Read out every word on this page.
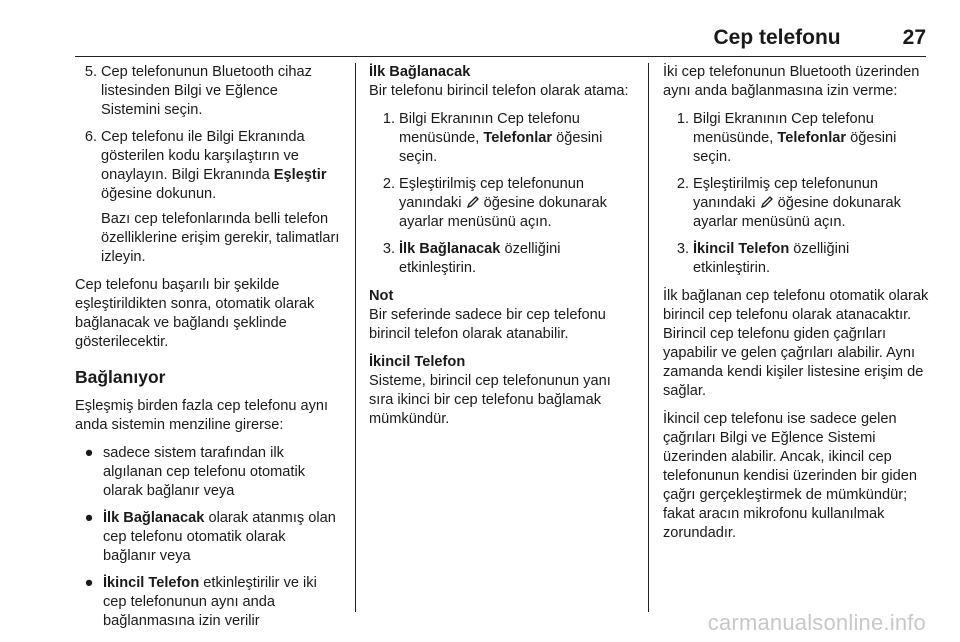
Cep telefonu	27
5. Cep telefonunun Bluetooth cihaz listesinden Bilgi ve Eğlence Sistemini seçin.
6. Cep telefonu ile Bilgi Ekranında gösterilen kodu karşılaştırın ve onaylayın. Bilgi Ekranında Eşleştir öğesine dokunun.
Bazı cep telefonlarında belli telefon özelliklerine erişim gerekir, talimatları izleyin.

Cep telefonu başarılı bir şekilde eşleştirildikten sonra, otomatik olarak bağlanacak ve bağlandı şeklinde gösterilecektir.

Bağlanıyor

Eşleşmiş birden fazla cep telefonu aynı anda sistemin menziline girerse:

● sadece sistem tarafından ilk algılanan cep telefonu otomatik olarak bağlanır veya
● İlk Bağlanacak olarak atanmış olan cep telefonu otomatik olarak bağlanır veya
● İkincil Telefon etkinleştirilir ve iki cep telefonunun aynı anda bağlanmasına izin verilir
İlk Bağlanacak

Bir telefonu birincil telefon olarak atama:

1. Bilgi Ekranının Cep telefonu menüsünde, Telefonlar öğesini seçin.
2. Eşleştirilmiş cep telefonunun yanındaki  öğesine dokunarak ayarlar menüsünü açın.
3. İlk Bağlanacak özelliğini etkinleştirin.
Not

Bir seferinde sadece bir cep telefonu birincil telefon olarak atanabilir.

İkincil Telefon

Sisteme, birincil cep telefonunun yanı sıra ikinci bir cep telefonu bağlamak mümkündür.

İki cep telefonunun Bluetooth üzerinden aynı anda bağlanmasına izin verme:

1. Bilgi Ekranının Cep telefonu menüsünde, Telefonlar öğesini seçin.
2. Eşleştirilmiş cep telefonunun yanındaki  öğesine dokunarak ayarlar menüsünü açın.
3. İkincil Telefon özelliğini etkinleştirin.

İlk bağlanan cep telefonu otomatik olarak birincil cep telefonu olarak atanacaktır. Birincil cep telefonu giden çağrıları yapabilir ve gelen çağrıları alabilir. Aynı zamanda kendi kişiler listesine erişim de sağlar.

İkincil cep telefonu ise sadece gelen çağrıları Bilgi ve Eğlence Sistemi üzerinden alabilir. Ancak, ikincil cep telefonunun kendisi üzerinden bir giden çağrı gerçekleştirmek de mümkündür; fakat aracın mikrofonu kullanılmak zorundadır.

carmanualsonline.info
